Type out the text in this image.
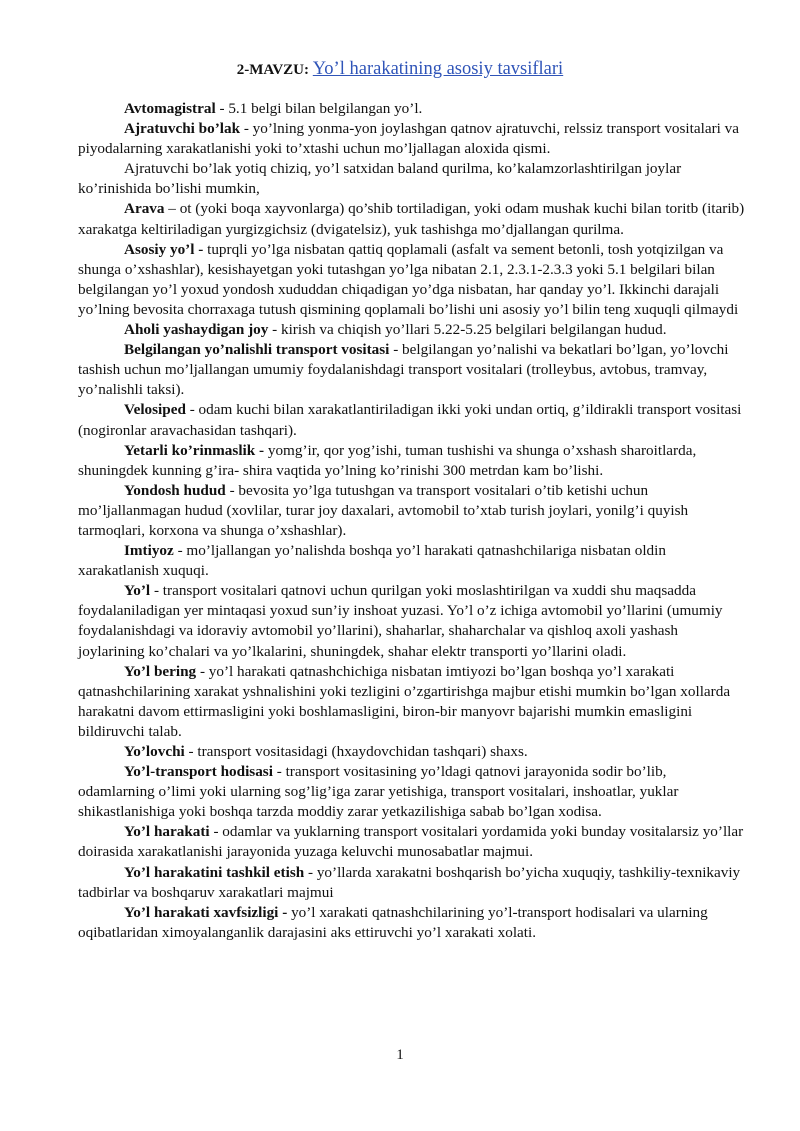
2-MAVZU: Yo’l harakatining asosiy tavsiflari

Avtomagistral - 5.1 belgi bilan belgilangan yo’l.

Ajratuvchi bo’lak - yo’lning yonma-yon joylashgan qatnov ajratuvchi, relssiz transport vositalari va piyodalarning xarakatlanishi yoki to’xtashi uchun mo’ljallagan aloxida qismi.

Ajratuvchi bo’lak yotiq chiziq, yo’l satxidan baland qurilma, ko’kalamzorlashtirilgan joylar ko’rinishida bo’lishi mumkin,

Arava – ot (yoki boqa xayvonlarga) qo’shib tortiladigan, yoki odam mushak kuchi bilan toritb (itarib) xarakatga keltiriladigan yurgizgichsiz (dvigatelsiz), yuk tashishga mo’djallangan qurilma.

Asosiy yo’l - tuprqli yo’lga nisbatan qattiq qoplamali (asfalt va sement betonli, tosh yotqizilgan va shunga o’xshashlar), kesishayetgan yoki tutashgan yo’lga nibatan 2.1, 2.3.1-2.3.3 yoki 5.1 belgilari bilan belgilangan yo’l yoxud yondosh xududdan chiqadigan yo’dga nisbatan, har qanday yo’l. Ikkinchi darajali yo’lning bevosita chorraxaga tutush qismining qoplamali bo’lishi uni asosiy yo’l bilin teng xuquqli qilmaydi

Aholi yashaydigan joy - kirish va chiqish yo’llari 5.22-5.25 belgilari belgilangan hudud.

Belgilangan yo’nalishli transport vositasi - belgilangan yo’nalishi va bekatlari bo’lgan, yo’lovchi tashish uchun mo’ljallangan umumiy foydalanishdagi transport vositalari (trolleybus, avtobus, tramvay, yo’nalishli taksi).

Velosiped - odam kuchi bilan xarakatlantiriladigan ikki yoki undan ortiq, g’ildirakli transport vositasi (nogironlar aravachasidan tashqari).

Yetarli ko’rinmaslik - yomg’ir, qor yog’ishi, tuman tushishi va shunga o’xshash sharoitlarda, shuningdek kunning g’ira- shira vaqtida yo’lning ko’rinishi 300 metrdan kam bo’lishi.

Yondosh hudud - bevosita yo’lga tutushgan va transport vositalari o’tib ketishi uchun mo’ljallanmagan hudud (xovlilar, turar joy daxalari, avtomobil to’xtab turish joylari, yonilg’i quyish tarmoqlari, korxona va shunga o’xshashlar).

Imtiyoz - mo’ljallangan yo’nalishda boshqa yo’l harakati qatnashchilariga nisbatan oldin xarakatlanish xuquqi.

Yo’l - transport vositalari qatnovi uchun qurilgan yoki moslashtirilgan va xuddi shu maqsadda foydalaniladigan yer mintaqasi yoxud sun’iy inshoat yuzasi. Yo’l o’z ichiga avtomobil yo’llarini (umumiy foydalanishdagi va idoraviy avtomobil yo’llarini), shaharlar, shaharchalar va qishloq axoli yashash joylarining ko’chalari va yo’lkalarini, shuningdek, shahar elektr transporti yo’llarini oladi.

Yo’l bering - yo’l harakati qatnashchichiga nisbatan imtiyozi bo’lgan boshqa yo’l xarakati qatnashchilarining xarakat yshnalishini yoki tezligini o’zgartirishga majbur etishi mumkin bo’lgan xollarda harakatni davom ettirmasligini yoki boshlamasligini, biron-bir manyovr bajarishi mumkin emasligini bildiruvchi talab.

Yo’lovchi - transport vositasidagi (hxaydovchidan tashqari) shaxs.

Yo’l-transport hodisasi - transport vositasining yo’ldagi qatnovi jarayonida sodir bo’lib, odamlarning o’limi yoki ularning sog’lig’iga zarar yetishiga, transport vositalari, inshoatlar, yuklar shikastlanishiga yoki boshqa tarzda moddiy zarar yetkazilishiga sabab bo’lgan xodisa.

Yo’l harakati - odamlar va yuklarning transport vositalari yordamida yoki bunday vositalarsiz yo’llar doirasida xarakatlanishi jarayonida yuzaga keluvchi munosabatlar majmui.

Yo’l harakatini tashkil etish - yo’llarda xarakatni boshqarish bo’yicha xuquqiy, tashkiliy-texnikaviy tadbirlar va boshqaruv xarakatlari majmui

Yo’l harakati xavfsizligi - yo’l xarakati qatnashchilarining yo’l-transport hodisalari va ularning oqibatlaridan ximoyalanganlik darajasini aks ettiruvchi yo’l xarakati xolati.

1
